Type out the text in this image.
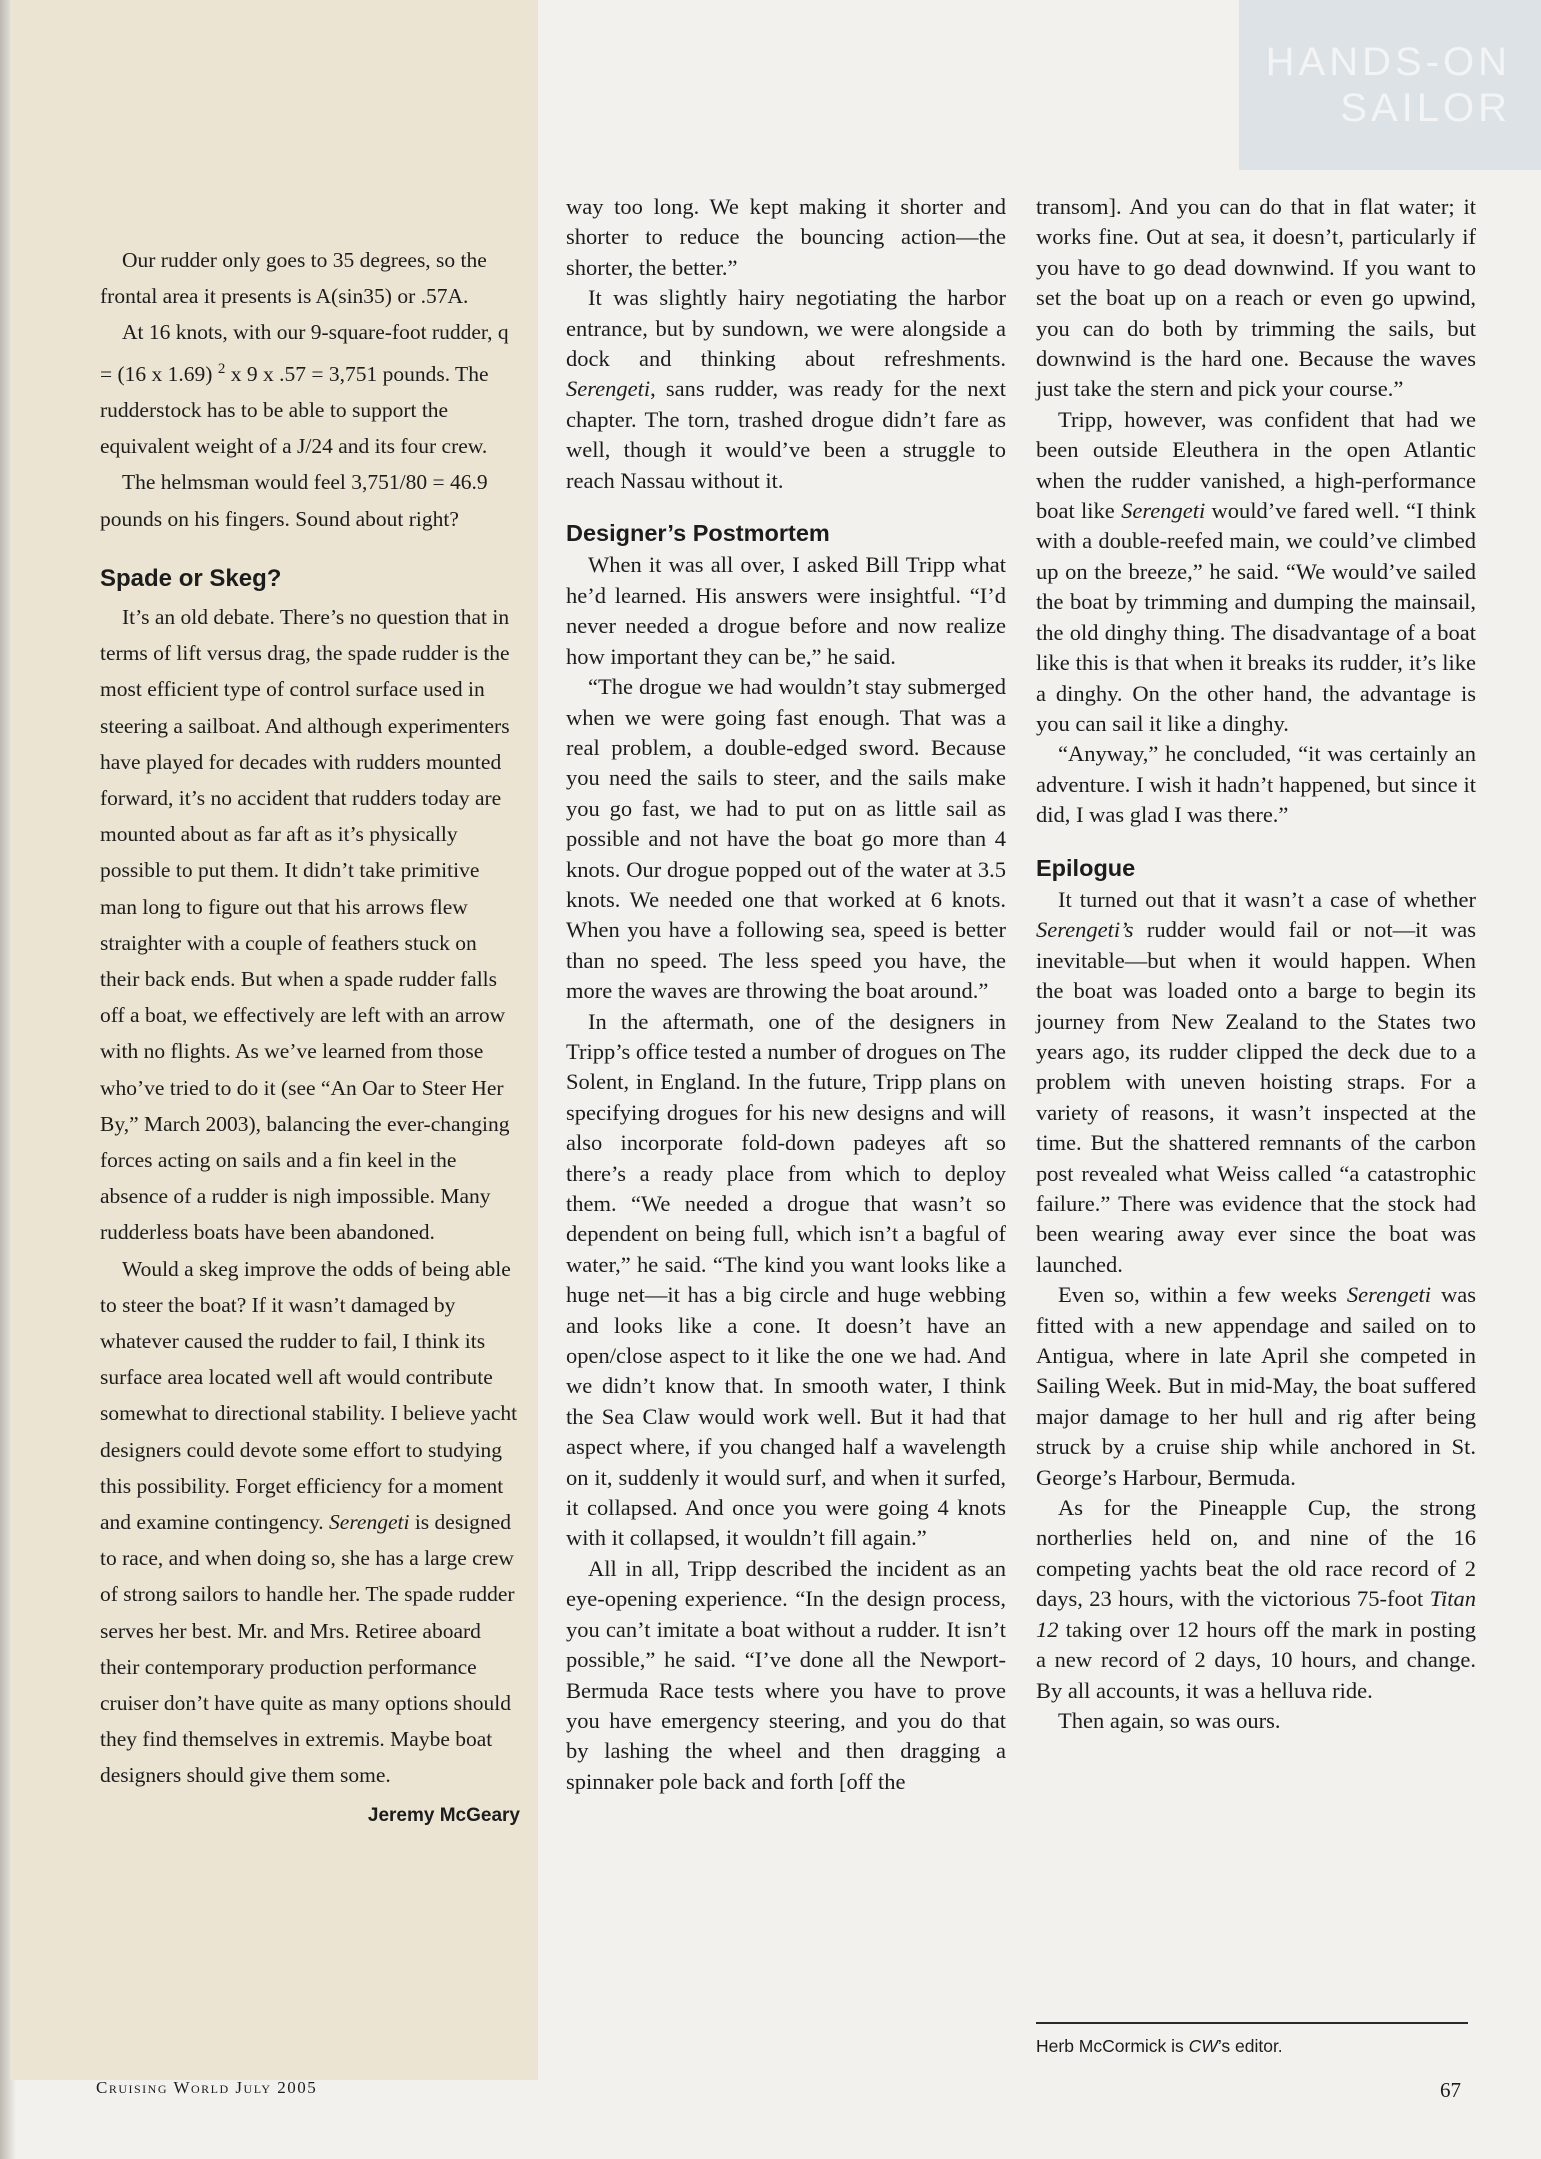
HANDS-ON
SAILOR

Our rudder only goes to 35 degrees, so the frontal area it presents is A(sin35) or .57A.

At 16 knots, with our 9-square-foot rudder, q = (16 x 1.69) $^2$ x 9 x .57 = 3,751 pounds. The rudderstock has to be able to support the equivalent weight of a J/24 and its four crew.

The helmsman would feel 3,751/80 = 46.9 pounds on his fingers. Sound about right?

Spade or Skeg?

It’s an old debate. There’s no question that in terms of lift versus drag, the spade rudder is the most efficient type of control surface used in steering a sailboat. And although experimenters have played for decades with rudders mounted forward, it’s no accident that rudders today are mounted about as far aft as it’s physically possible to put them. It didn’t take primitive man long to figure out that his arrows flew straighter with a couple of feathers stuck on their back ends. But when a spade rudder falls off a boat, we effectively are left with an arrow with no flights. As we’ve learned from those who’ve tried to do it (see “An Oar to Steer Her By,” March 2003), balancing the ever-changing forces acting on sails and a fin keel in the absence of a rudder is nigh impossible. Many rudderless boats have been abandoned.

Would a skeg improve the odds of being able to steer the boat? If it wasn’t damaged by whatever caused the rudder to fail, I think its surface area located well aft would contribute somewhat to directional stability. I believe yacht designers could devote some effort to studying this possibility. Forget efficiency for a moment and examine contingency. Serengeti is designed to race, and when doing so, she has a large crew of strong sailors to handle her. The spade rudder serves her best. Mr. and Mrs. Retiree aboard their contemporary production performance cruiser don’t have quite as many options should they find themselves in extremis. Maybe boat designers should give them some.

Jeremy McGeary

way too long. We kept making it shorter and shorter to reduce the bouncing action—the shorter, the better.”

It was slightly hairy negotiating the harbor entrance, but by sundown, we were alongside a dock and thinking about refreshments. Serengeti, sans rudder, was ready for the next chapter. The torn, trashed drogue didn’t fare as well, though it would’ve been a struggle to reach Nassau without it.

Designer’s Postmortem

When it was all over, I asked Bill Tripp what he’d learned. His answers were insightful. “I’d never needed a drogue before and now realize how important they can be,” he said.

“The drogue we had wouldn’t stay submerged when we were going fast enough. That was a real problem, a double-edged sword. Because you need the sails to steer, and the sails make you go fast, we had to put on as little sail as possible and not have the boat go more than 4 knots. Our drogue popped out of the water at 3.5 knots. We needed one that worked at 6 knots. When you have a following sea, speed is better than no speed. The less speed you have, the more the waves are throwing the boat around.”

In the aftermath, one of the designers in Tripp’s office tested a number of drogues on The Solent, in England. In the future, Tripp plans on specifying drogues for his new designs and will also incorporate fold-down padeyes aft so there’s a ready place from which to deploy them. “We needed a drogue that wasn’t so dependent on being full, which isn’t a bagful of water,” he said. “The kind you want looks like a huge net—it has a big circle and huge webbing and looks like a cone. It doesn’t have an open/close aspect to it like the one we had. And we didn’t know that. In smooth water, I think the Sea Claw would work well. But it had that aspect where, if you changed half a wavelength on it, suddenly it would surf, and when it surfed, it collapsed. And once you were going 4 knots with it collapsed, it wouldn’t fill again.”

All in all, Tripp described the incident as an eye-opening experience. “In the design process, you can’t imitate a boat without a rudder. It isn’t possible,” he said. “I’ve done all the Newport-Bermuda Race tests where you have to prove you have emergency steering, and you do that by lashing the wheel and then dragging a spinnaker pole back and forth [off the

transom]. And you can do that in flat water; it works fine. Out at sea, it doesn’t, particularly if you have to go dead downwind. If you want to set the boat up on a reach or even go upwind, you can do both by trimming the sails, but downwind is the hard one. Because the waves just take the stern and pick your course.”

Tripp, however, was confident that had we been outside Eleuthera in the open Atlantic when the rudder vanished, a high-performance boat like Serengeti would’ve fared well. “I think with a double-reefed main, we could’ve climbed up on the breeze,” he said. “We would’ve sailed the boat by trimming and dumping the mainsail, the old dinghy thing. The disadvantage of a boat like this is that when it breaks its rudder, it’s like a dinghy. On the other hand, the advantage is you can sail it like a dinghy.

“Anyway,” he concluded, “it was certainly an adventure. I wish it hadn’t happened, but since it did, I was glad I was there.”

Epilogue

It turned out that it wasn’t a case of whether Serengeti’s rudder would fail or not—it was inevitable—but when it would happen. When the boat was loaded onto a barge to begin its journey from New Zealand to the States two years ago, its rudder clipped the deck due to a problem with uneven hoisting straps. For a variety of reasons, it wasn’t inspected at the time. But the shattered remnants of the carbon post revealed what Weiss called “a catastrophic failure.” There was evidence that the stock had been wearing away ever since the boat was launched.

Even so, within a few weeks Serengeti was fitted with a new appendage and sailed on to Antigua, where in late April she competed in Sailing Week. But in mid-May, the boat suffered major damage to her hull and rig after being struck by a cruise ship while anchored in St. George’s Harbour, Bermuda.

As for the Pineapple Cup, the strong northerlies held on, and nine of the 16 competing yachts beat the old race record of 2 days, 23 hours, with the victorious 75-foot Titan 12 taking over 12 hours off the mark in posting a new record of 2 days, 10 hours, and change. By all accounts, it was a helluva ride.

Then again, so was ours.

Herb McCormick is CW’s editor.
Cruising World July 2005	67
